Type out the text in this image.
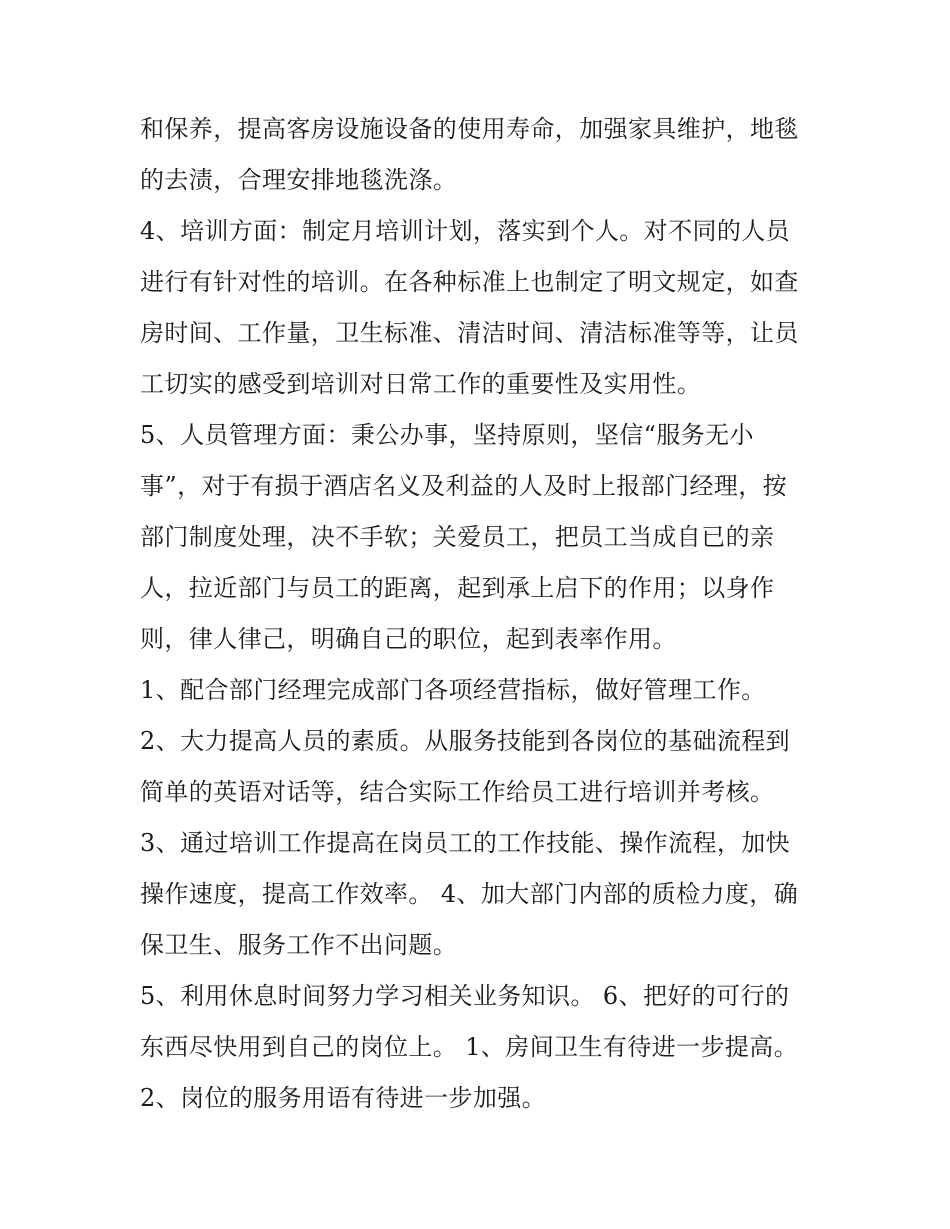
和保养，提高客房设施设备的使用寿命，加强家具维护，地毯
的去渍，合理安排地毯洗涤。
4、培训方面：制定月培训计划，落实到个人。对不同的人员
进行有针对性的培训。在各种标准上也制定了明文规定，如查
房时间、工作量，卫生标准、清洁时间、清洁标准等等，让员
工切实的感受到培训对日常工作的重要性及实用性。
5、人员管理方面：秉公办事，坚持原则，坚信“服务无小
事”，对于有损于酒店名义及利益的人及时上报部门经理，按
部门制度处理，决不手软；关爱员工，把员工当成自已的亲
人，拉近部门与员工的距离，起到承上启下的作用；以身作
则，律人律己，明确自己的职位，起到表率作用。
1、配合部门经理完成部门各项经营指标，做好管理工作。
2、大力提高人员的素质。从服务技能到各岗位的基础流程到
简单的英语对话等，结合实际工作给员工进行培训并考核。
3、通过培训工作提高在岗员工的工作技能、操作流程，加快
操作速度，提高工作效率。 4、加大部门内部的质检力度，确
保卫生、服务工作不出问题。
5、利用休息时间努力学习相关业务知识。 6、把好的可行的
东西尽快用到自己的岗位上。 1、房间卫生有待进一步提高。
2、岗位的服务用语有待进一步加强。
